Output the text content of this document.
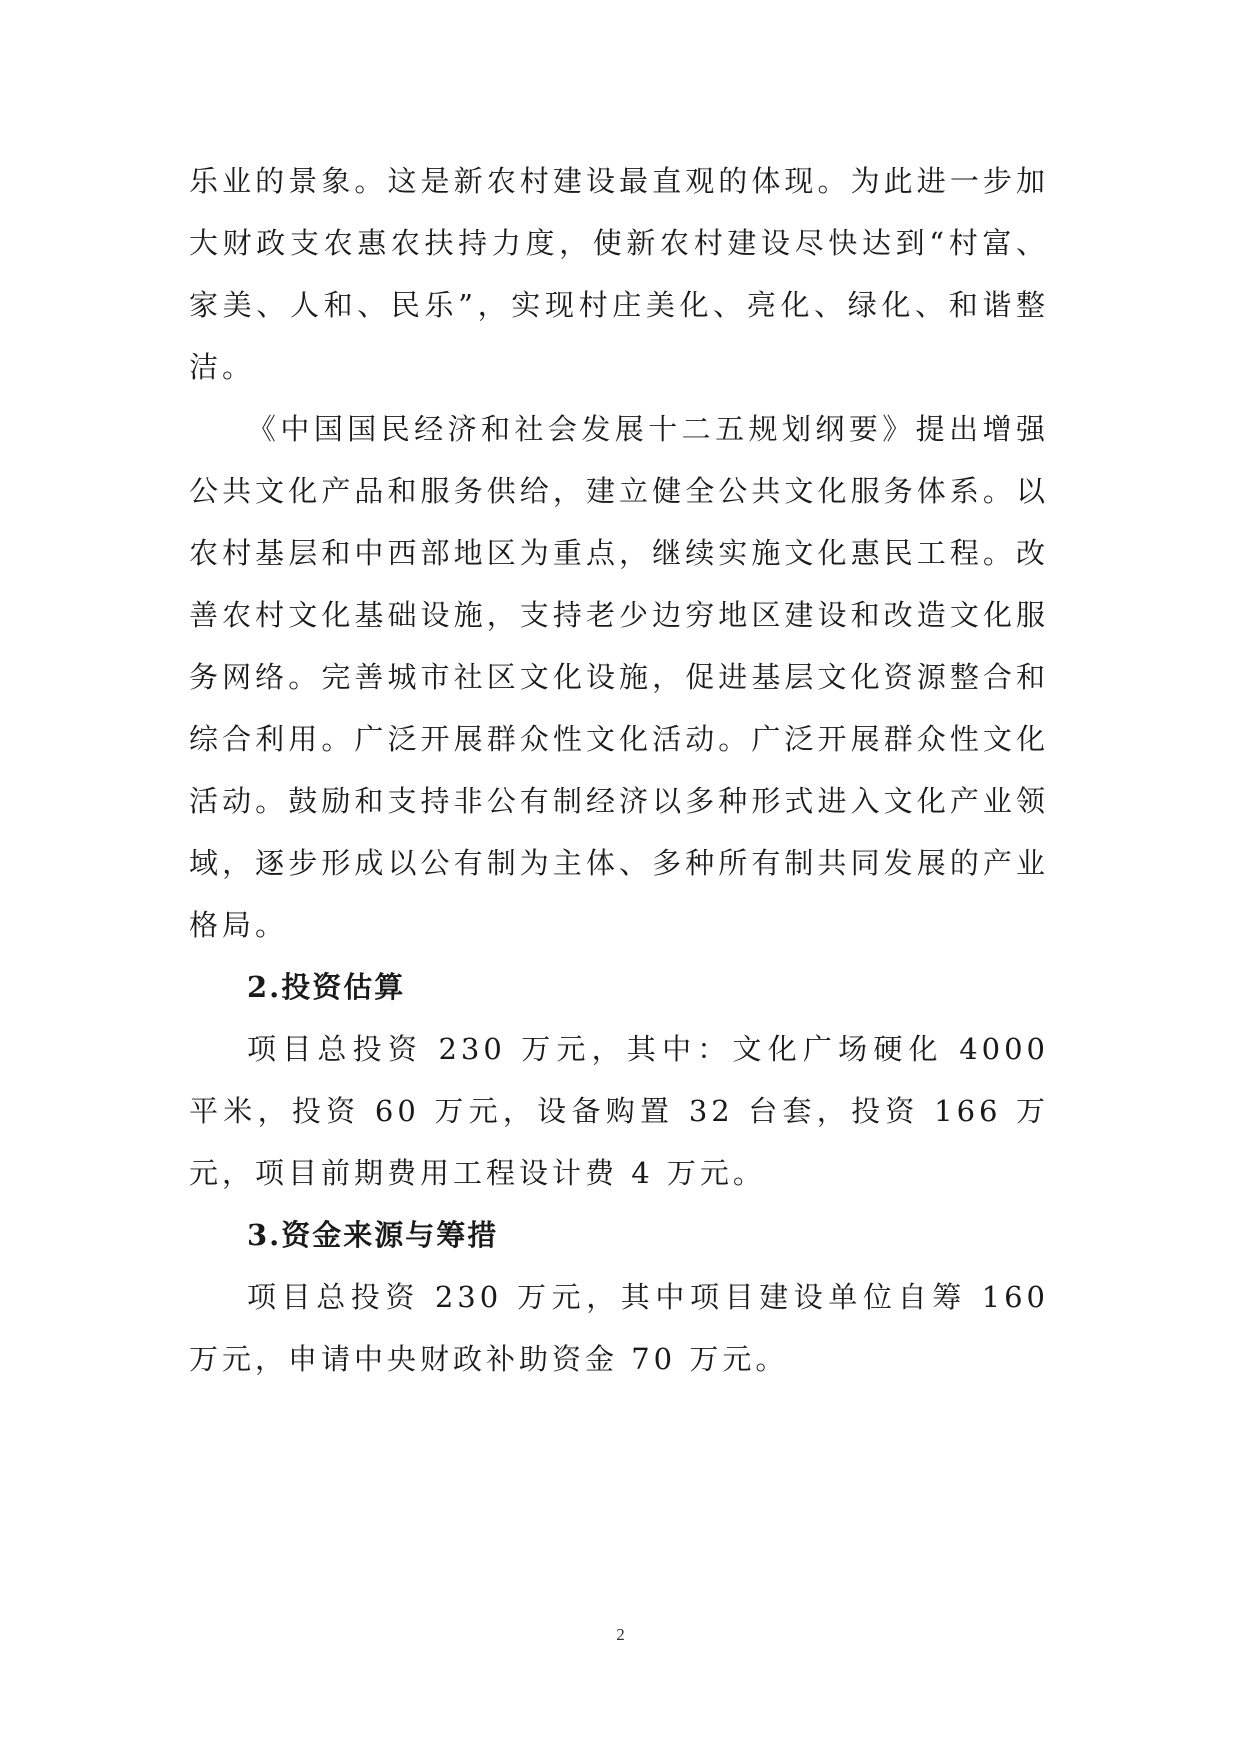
乐业的景象。这是新农村建设最直观的体现。为此进一步加大财政支农惠农扶持力度，使新农村建设尽快达到“村富、家美、人和、民乐”，实现村庄美化、亮化、绿化、和谐整洁。

《中国国民经济和社会发展十二五规划纲要》提出增强公共文化产品和服务供给，建立健全公共文化服务体系。以农村基层和中西部地区为重点，继续实施文化惠民工程。改善农村文化基础设施，支持老少边穷地区建设和改造文化服务网络。完善城市社区文化设施，促进基层文化资源整合和综合利用。广泛开展群众性文化活动。广泛开展群众性文化活动。鼓励和支持非公有制经济以多种形式进入文化产业领域，逐步形成以公有制为主体、多种所有制共同发展的产业格局。

2.投资估算

项目总投资 230 万元，其中：文化广场硬化 4000 平米，投资 60 万元，设备购置 32 台套，投资 166 万元，项目前期费用工程设计费 4 万元。

3.资金来源与筹措

项目总投资 230 万元，其中项目建设单位自筹 160 万元，申请中央财政补助资金 70 万元。

2
